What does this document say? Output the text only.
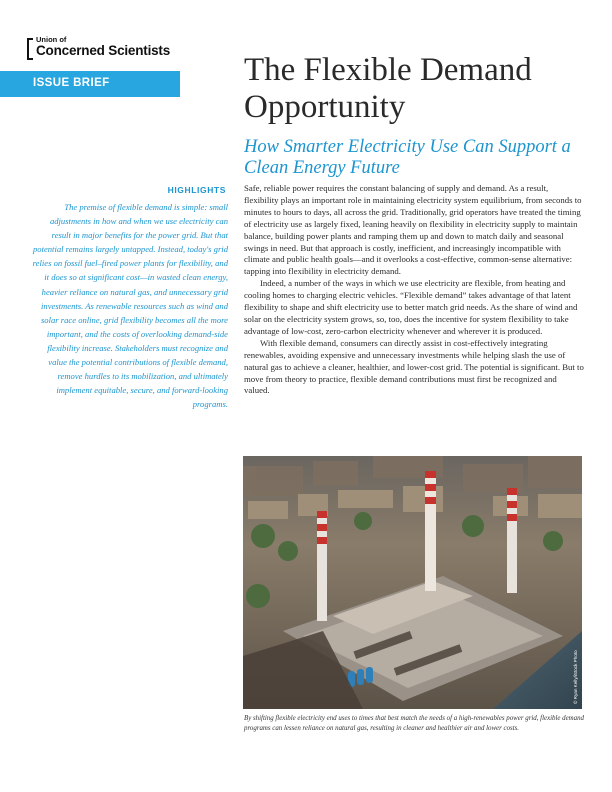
Union of
Concerned Scientists
ISSUE BRIEF	The Flexible Demand Opportunity
How Smarter Electricity Use Can Support a Clean Energy Future
HIGHLIGHTS

The premise of flexible demand is simple: small adjustments in how and when we use electricity can result in major benefits for the power grid. But that potential remains largely untapped. Instead, today's grid relies on fossil fuel–fired power plants for flexibility, and it does so at significant cost—in wasted clean energy, heavier reliance on natural gas, and unnecessary grid investments. As renewable resources such as wind and solar race online, grid flexibility becomes all the more important, and the costs of overlooking demand-side flexibility increase. Stakeholders must recognize and value the potential contributions of flexible demand, remove hurdles to its mobilization, and ultimately implement equitable, secure, and forward-looking programs.

Safe, reliable power requires the constant balancing of supply and demand. As a result, flexibility plays an important role in maintaining electricity system equilibrium, from seconds to minutes to hours to days, all across the grid. Traditionally, grid operators have treated the timing of electricity use as largely fixed, leaning heavily on flexibility in electricity supply to maintain balance, building power plants and ramping them up and down to match daily and seasonal swings in need. But that approach is costly, inefficient, and increasingly incompatible with climate and public health goals—and it overlooks a cost-effective, common-sense alternative: tapping into flexibility in electricity demand.

Indeed, a number of the ways in which we use electricity are flexible, from heating and cooling homes to charging electric vehicles. “Flexible demand” takes advantage of that latent flexibility to shape and shift electricity use to better match grid needs. As the share of wind and solar on the electricity system grows, so, too, does the incentive for system flexibility to take advantage of low-cost, zero-carbon electricity whenever and wherever it is produced.

With flexible demand, consumers can directly assist in cost-effectively integrating renewables, avoiding expensive and unnecessary investments while helping slash the use of natural gas to achieve a cleaner, healthier, and lower-cost grid. The potential is significant. But to move from theory to practice, flexible demand contributions must first be recognized and valued.

© Ryan Kelly/iStock Photo

By shifting flexible electricity end uses to times that best match the needs of a high-renewables power grid, flexible demand programs can lessen reliance on natural gas, resulting in cleaner and healthier air and lower costs.
